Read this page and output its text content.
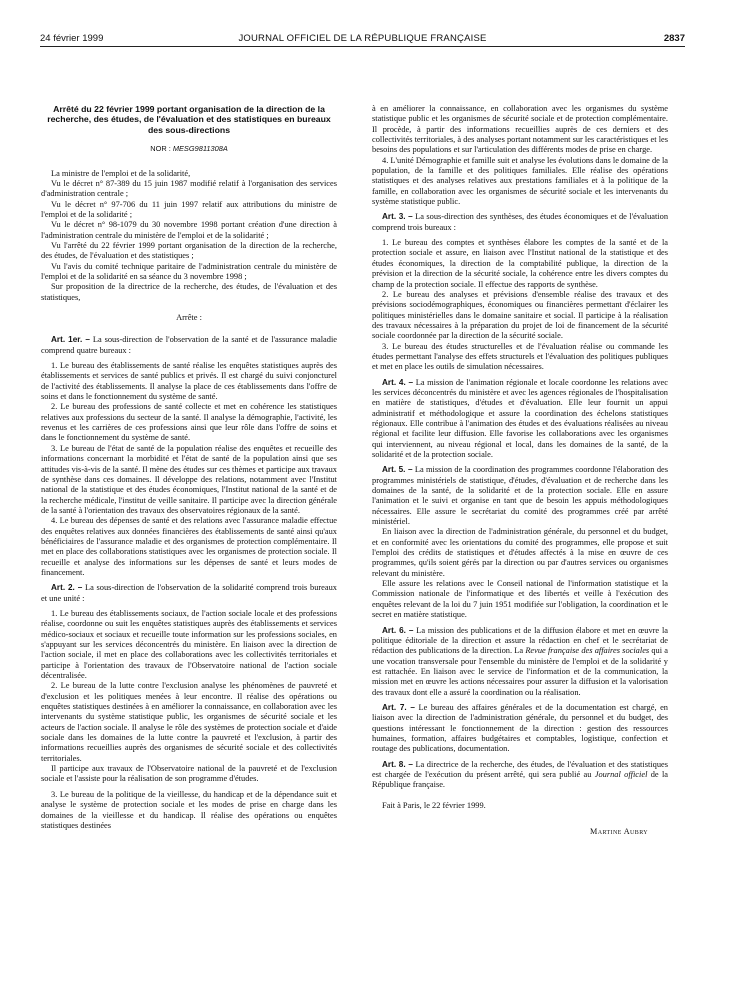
24 février 1999	JOURNAL OFFICIEL DE LA RÉPUBLIQUE FRANÇAISE	2837
Arrêté du 22 février 1999 portant organisation de la direction de la recherche, des études, de l'évaluation et des statistiques en bureaux des sous-directions
NOR : MESG9811308A

La ministre de l'emploi et de la solidarité,

Vu le décret n° 87-389 du 15 juin 1987 modifié relatif à l'organisation des services d'administration centrale ;

Vu le décret n° 97-706 du 11 juin 1997 relatif aux attributions du ministre de l'emploi et de la solidarité ;

Vu le décret n° 98-1079 du 30 novembre 1998 portant création d'une direction à l'administration centrale du ministère de l'emploi et de la solidarité ;

Vu l'arrêté du 22 février 1999 portant organisation de la direction de la recherche, des études, de l'évaluation et des statistiques ;

Vu l'avis du comité technique paritaire de l'administration centrale du ministère de l'emploi et de la solidarité en sa séance du 3 novembre 1998 ;

Sur proposition de la directrice de la recherche, des études, de l'évaluation et des statistiques,

Arrête :

Art. 1er. – La sous-direction de l'observation de la santé et de l'assurance maladie comprend quatre bureaux :

1. Le bureau des établissements de santé réalise les enquêtes statistiques auprès des établissements et services de santé publics et privés. Il est chargé du suivi conjoncturel de l'activité des établissements. Il analyse la place de ces établissements dans l'offre de soins et dans le fonctionnement du système de santé.

2. Le bureau des professions de santé collecte et met en cohérence les statistiques relatives aux professions du secteur de la santé. Il analyse la démographie, l'activité, les revenus et les carrières de ces professions ainsi que leur rôle dans l'offre de soins et dans le fonctionnement du système de santé.

3. Le bureau de l'état de santé de la population réalise des enquêtes et recueille des informations concernant la morbidité et l'état de santé de la population ainsi que ses attitudes vis-à-vis de la santé. Il mène des études sur ces thèmes et participe aux travaux de synthèse dans ces domaines. Il développe des relations, notamment avec l'Institut national de la statistique et des études économiques, l'Institut national de la santé et de la recherche médicale, l'institut de veille sanitaire. Il participe avec la direction générale de la santé à l'orientation des travaux des observatoires régionaux de la santé.

4. Le bureau des dépenses de santé et des relations avec l'assurance maladie effectue des enquêtes relatives aux données financières des établissements de santé ainsi qu'aux bénéficiaires de l'assurance maladie et des organismes de protection complémentaire. Il met en place des collaborations statistiques avec les organismes de protection sociale. Il recueille et analyse des informations sur les dépenses de santé et leurs modes de financement.

Art. 2. – La sous-direction de l'observation de la solidarité comprend trois bureaux et une unité :

1. Le bureau des établissements sociaux, de l'action sociale locale et des professions réalise, coordonne ou suit les enquêtes statistiques auprès des établissements et services médico-sociaux et sociaux et recueille toute information sur les professions sociales, en s'appuyant sur les services déconcentrés du ministère. En liaison avec la direction de l'action sociale, il met en place des collaborations avec les collectivités territoriales et participe à l'orientation des travaux de l'Observatoire national de l'action sociale décentralisée.

2. Le bureau de la lutte contre l'exclusion analyse les phénomènes de pauvreté et d'exclusion et les politiques menées à leur encontre. Il réalise des opérations ou enquêtes statistiques destinées à en améliorer la connaissance, en collaboration avec les intervenants du système statistique public, les organismes de sécurité sociale et les acteurs de l'action sociale. Il analyse le rôle des systèmes de protection sociale et d'aide sociale dans les domaines de la lutte contre la pauvreté et l'exclusion, à partir des informations recueillies auprès des organismes de sécurité sociale et des collectivités territoriales.

Il participe aux travaux de l'Observatoire national de la pauvreté et de l'exclusion sociale et l'assiste pour la réalisation de son programme d'études.

3. Le bureau de la politique de la vieillesse, du handicap et de la dépendance suit et analyse le système de protection sociale et les modes de prise en charge dans les domaines de la vieillesse et du handicap. Il réalise des opérations ou enquêtes statistiques destinées

à en améliorer la connaissance, en collaboration avec les organismes du système statistique public et les organismes de sécurité sociale et de protection complémentaire. Il procède, à partir des informations recueillies auprès de ces derniers et des collectivités territoriales, à des analyses portant notamment sur les caractéristiques et les besoins des populations et sur l'articulation des différents modes de prise en charge.

4. L'unité Démographie et famille suit et analyse les évolutions dans le domaine de la population, de la famille et des politiques familiales. Elle réalise des opérations statistiques et des analyses relatives aux prestations familiales et à la politique de la famille, en collaboration avec les organismes de sécurité sociale et les intervenants du système statistique public.

Art. 3. – La sous-direction des synthèses, des études économiques et de l'évaluation comprend trois bureaux :

1. Le bureau des comptes et synthèses élabore les comptes de la santé et de la protection sociale et assure, en liaison avec l'Institut national de la statistique et des études économiques, la direction de la comptabilité publique, la direction de la prévision et la direction de la sécurité sociale, la cohérence entre les divers comptes du champ de la protection sociale. Il effectue des rapports de synthèse.

2. Le bureau des analyses et prévisions d'ensemble réalise des travaux et des prévisions sociodémographiques, économiques ou financières permettant d'éclairer les politiques ministérielles dans le domaine sanitaire et social. Il participe à la réalisation des travaux nécessaires à la préparation du projet de loi de financement de la sécurité sociale coordonnée par la direction de la sécurité sociale.

3. Le bureau des études structurelles et de l'évaluation réalise ou commande les études permettant l'analyse des effets structurels et l'évaluation des politiques publiques et met en place les outils de simulation nécessaires.

Art. 4. – La mission de l'animation régionale et locale coordonne les relations avec les services déconcentrés du ministère et avec les agences régionales de l'hospitalisation en matière de statistiques, d'études et d'évaluation. Elle leur fournit un appui administratif et méthodologique et assure la coordination des échelons statistiques régionaux. Elle contribue à l'animation des études et des évaluations réalisées au niveau régional et facilite leur diffusion. Elle favorise les collaborations avec les organismes qui interviennent, au niveau régional et local, dans les domaines de la santé, de la solidarité et de la protection sociale.

Art. 5. – La mission de la coordination des programmes coordonne l'élaboration des programmes ministériels de statistique, d'études, d'évaluation et de recherche dans les domaines de la santé, de la solidarité et de la protection sociale. Elle en assure l'animation et le suivi et organise en tant que de besoin les appuis méthodologiques nécessaires. Elle assure le secrétariat du comité des programmes créé par arrêté ministériel.

En liaison avec la direction de l'administration générale, du personnel et du budget, et en conformité avec les orientations du comité des programmes, elle propose et suit l'emploi des crédits de statistiques et d'études affectés à la mise en œuvre de ces programmes, qu'ils soient gérés par la direction ou par d'autres services ou organismes relevant du ministère.

Elle assure les relations avec le Conseil national de l'information statistique et la Commission nationale de l'informatique et des libertés et veille à l'exécution des enquêtes relevant de la loi du 7 juin 1951 modifiée sur l'obligation, la coordination et le secret en matière statistique.

Art. 6. – La mission des publications et de la diffusion élabore et met en œuvre la politique éditoriale de la direction et assure la rédaction en chef et le secrétariat de rédaction des publications de la direction. La Revue française des affaires sociales qui a une vocation transversale pour l'ensemble du ministère de l'emploi et de la solidarité y est rattachée. En liaison avec le service de l'information et de la communication, la mission met en œuvre les actions nécessaires pour assurer la diffusion et la valorisation des travaux dont elle a assuré la coordination ou la réalisation.

Art. 7. – Le bureau des affaires générales et de la documentation est chargé, en liaison avec la direction de l'administration générale, du personnel et du budget, des questions intéressant le fonctionnement de la direction : gestion des ressources humaines, formation, affaires budgétaires et comptables, logistique, confection et routage des publications, documentation.

Art. 8. – La directrice de la recherche, des études, de l'évaluation et des statistiques est chargée de l'exécution du présent arrêté, qui sera publié au Journal officiel de la République française.

Fait à Paris, le 22 février 1999.

Martine Aubry
